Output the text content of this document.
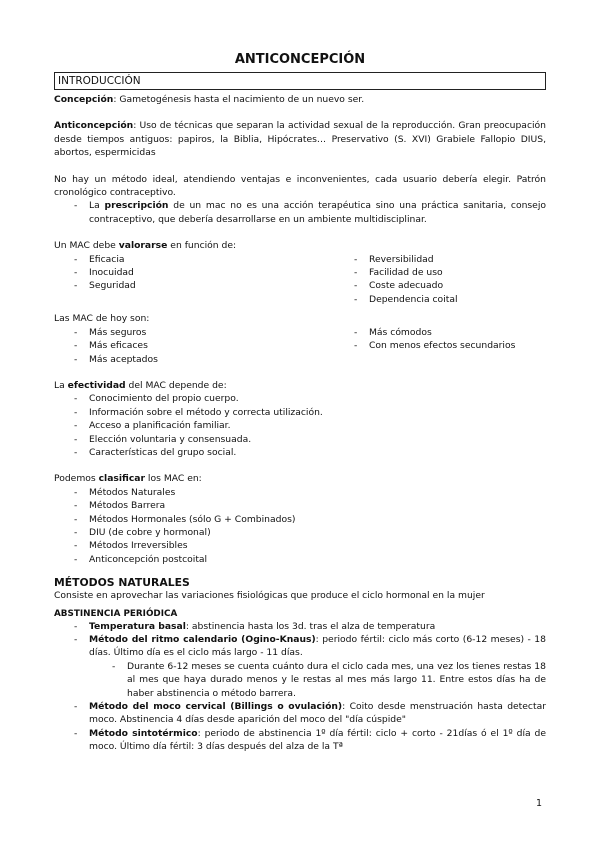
ANTICONCEPCIÓN
INTRODUCCIÓN

Concepción: Gametogénesis hasta el nacimiento de un nuevo ser.

Anticoncepción: Uso de técnicas que separan la actividad sexual de la reproducción. Gran preocupación desde tiempos antiguos: papiros, la Biblia, Hipócrates… Preservativo (S. XVI) Grabiele Fallopio DIUS, abortos, espermicidas

No hay un método ideal, atendiendo ventajas e inconvenientes, cada usuario debería elegir. Patrón cronológico contraceptivo.

- La prescripción de un mac no es una acción terapéutica sino una práctica sanitaria, consejo contraceptivo, que debería desarrollarse en un ambiente multidisciplinar.

Un MAC debe valorarse en función de:

- Eficacia
- Inocuidad
- Seguridad
- Reversibilidad
- Facilidad de uso
- Coste adecuado
- Dependencia coital

Las MAC de hoy son:

- Más seguros
- Más eficaces
- Más aceptados
- Más cómodos
- Con menos efectos secundarios

La efectividad del MAC depende de:

- Conocimiento del propio cuerpo.
- Información sobre el método y correcta utilización.
- Acceso a planificación familiar.
- Elección voluntaria y consensuada.
- Características del grupo social.

Podemos clasificar los MAC en:

- Métodos Naturales
- Métodos Barrera
- Métodos Hormonales (sólo G + Combinados)
- DIU (de cobre y hormonal)
- Métodos Irreversibles
- Anticoncepción postcoital
MÉTODOS NATURALES

Consiste en aprovechar las variaciones fisiológicas que produce el ciclo hormonal en la mujer

ABSTINENCIA PERIÓDICA
- Temperatura basal: abstinencia hasta los 3d. tras el alza de temperatura
- Método del ritmo calendario (Ogino-Knaus): periodo fértil: ciclo más corto (6-12 meses) - 18 días. Último día es el ciclo más largo - 11 días.
- Durante 6-12 meses se cuenta cuánto dura el ciclo cada mes, una vez los tienes restas 18 al mes que haya durado menos y le restas al mes más largo 11. Entre estos días ha de haber abstinencia o método barrera.
- Método del moco cervical (Billings o ovulación): Coito desde menstruación hasta detectar moco. Abstinencia 4 días desde aparición del moco del "día cúspide"
- Método sintotérmico: periodo de abstinencia 1º día fértil: ciclo + corto - 21días ó el 1º día de moco. Último día fértil: 3 días después del alza de la Tª
1
